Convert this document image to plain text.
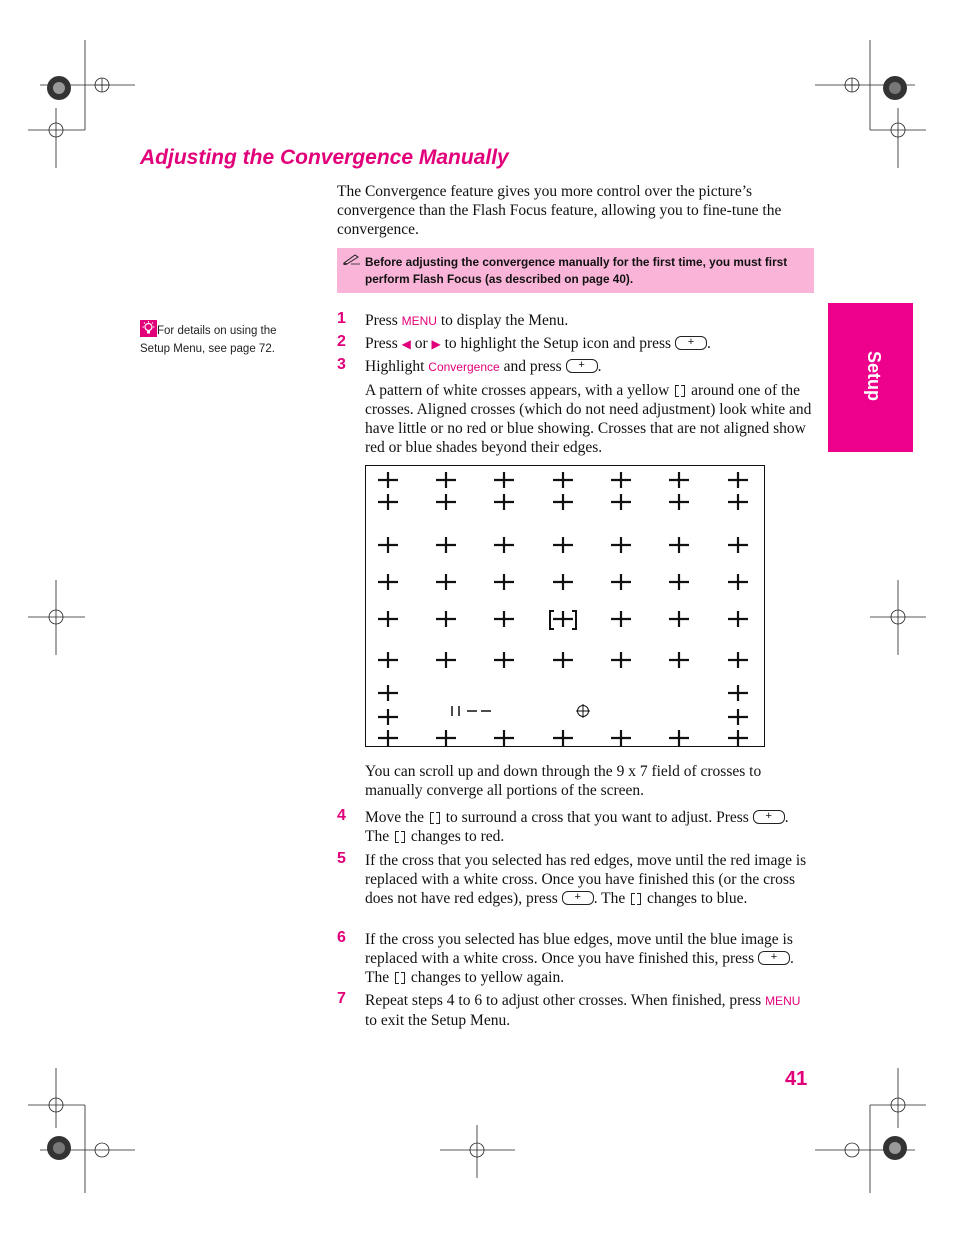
Adjusting the Convergence Manually
The Convergence feature gives you more control over the picture’s convergence than the Flash Focus feature, allowing you to fine-tune the convergence.
Before adjusting the convergence manually for the first time, you must first perform Flash Focus (as described on page 40).
For details on using the
Setup Menu, see page 72.
1 Press MENU to display the Menu.
2 Press ◀ or ▶ to highlight the Setup icon and press +.
3 Highlight Convergence and press +.
A pattern of white crosses appears, with a yellow  around one of the crosses. Aligned crosses (which do not need adjustment) look white and have little or no red or blue showing. Crosses that are not aligned show red or blue shades beyond their edges.
You can scroll up and down through the 9 x 7 field of crosses to manually converge all portions of the screen.
4 Move the  to surround a cross that you want to adjust. Press +. The  changes to red.
5 If the cross that you selected has red edges, move until the red image is replaced with a white cross. Once you have finished this (or the cross does not have red edges), press +. The  changes to blue.
6 If the cross you selected has blue edges, move until the blue image is replaced with a white cross. Once you have finished this, press +. The  changes to yellow again.
7 Repeat steps 4 to 6 to adjust other crosses. When finished, press MENU to exit the Setup Menu.
Setup
41
